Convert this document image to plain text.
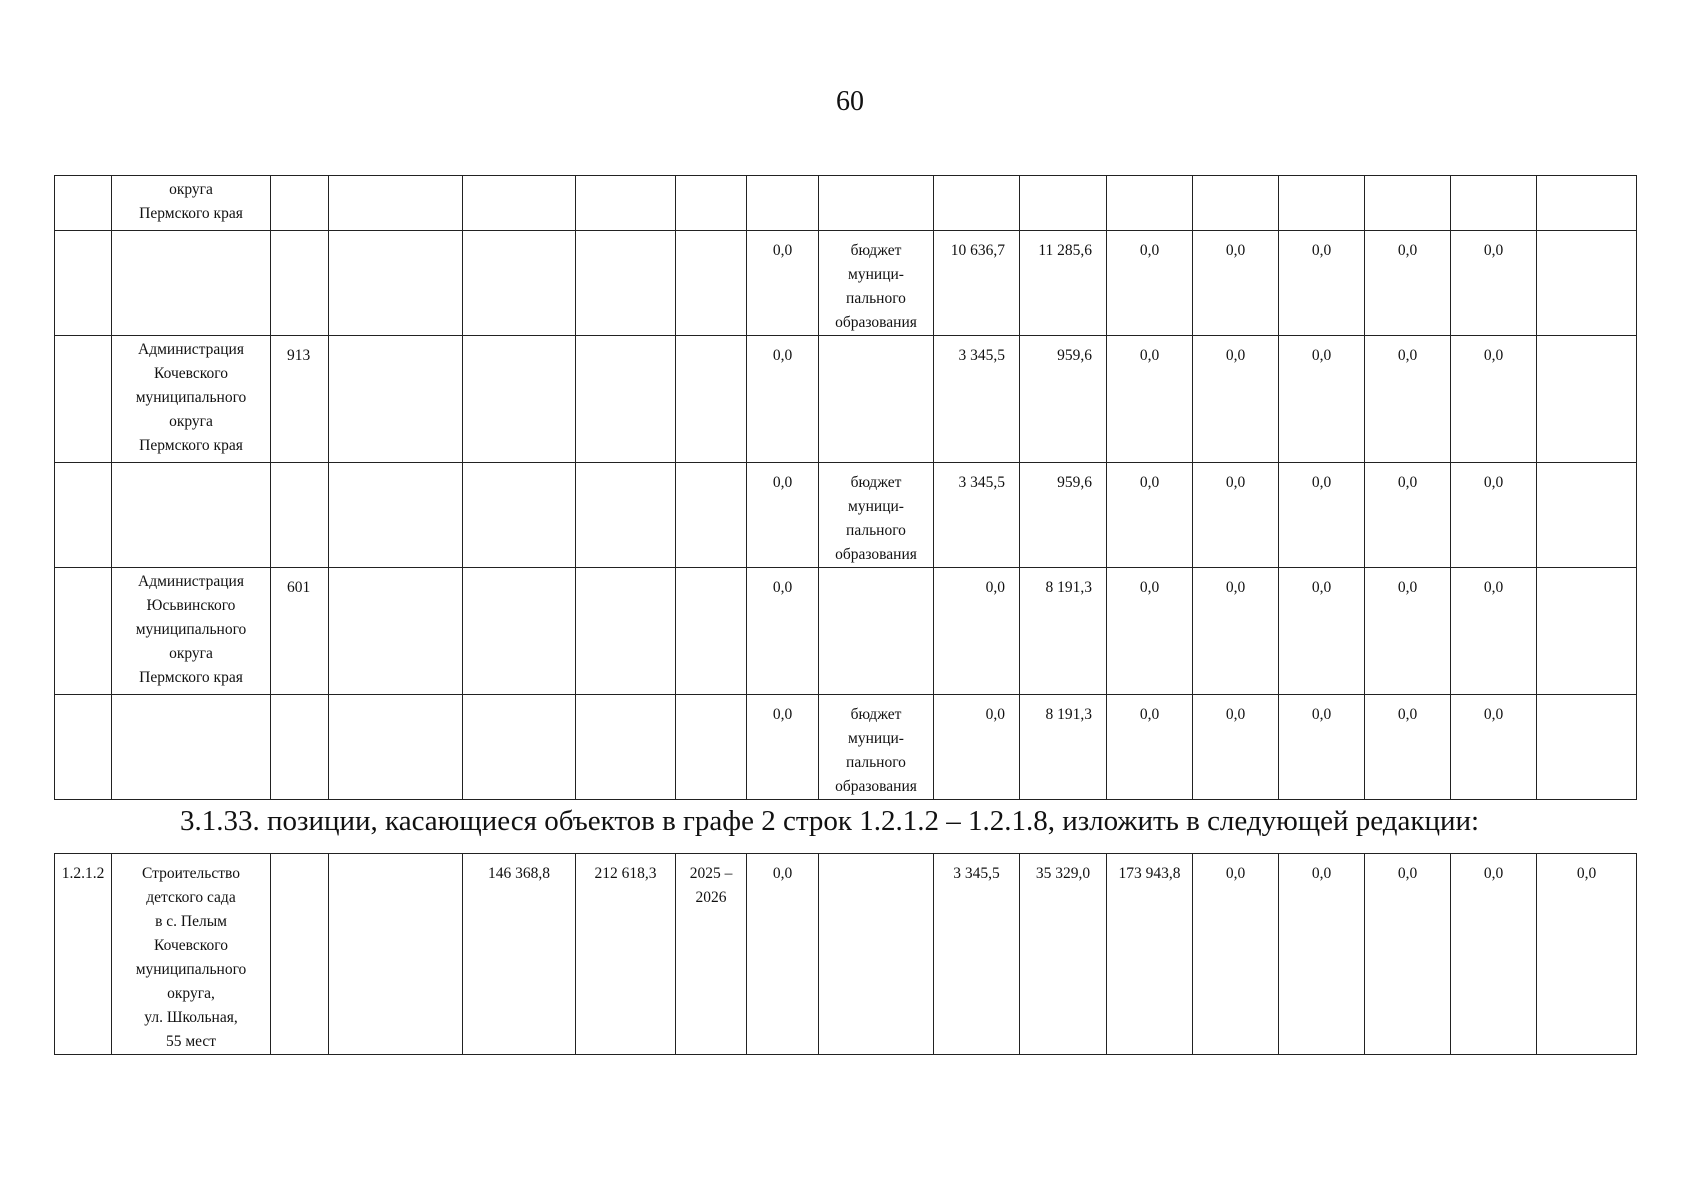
60
	округа
Пермского края															
							0,0	бюджет
муници-
пального
образования	10 636,7	11 285,6	0,0	0,0	0,0	0,0	0,0	
	Администрация
Кочевского
муниципального
округа
Пермского края	913					0,0		3 345,5	959,6	0,0	0,0	0,0	0,0	0,0	
							0,0	бюджет
муници-
пального
образования	3 345,5	959,6	0,0	0,0	0,0	0,0	0,0	
	Администрация
Юсьвинского
муниципального
округа
Пермского края	601					0,0		0,0	8 191,3	0,0	0,0	0,0	0,0	0,0	
							0,0	бюджет
муници-
пального
образования	0,0	8 191,3	0,0	0,0	0,0	0,0	0,0	
3.1.33. позиции, касающиеся объектов в графе 2 строк 1.2.1.2 – 1.2.1.8, изложить в следующей редакции:
1.2.1.2	Строительство
детского сада
в с. Пелым
Кочевского
муниципального
округа,
ул. Школьная,
55 мест			146 368,8	212 618,3	2025 –
2026	0,0		3 345,5	35 329,0	173 943,8	0,0	0,0	0,0	0,0	0,0
